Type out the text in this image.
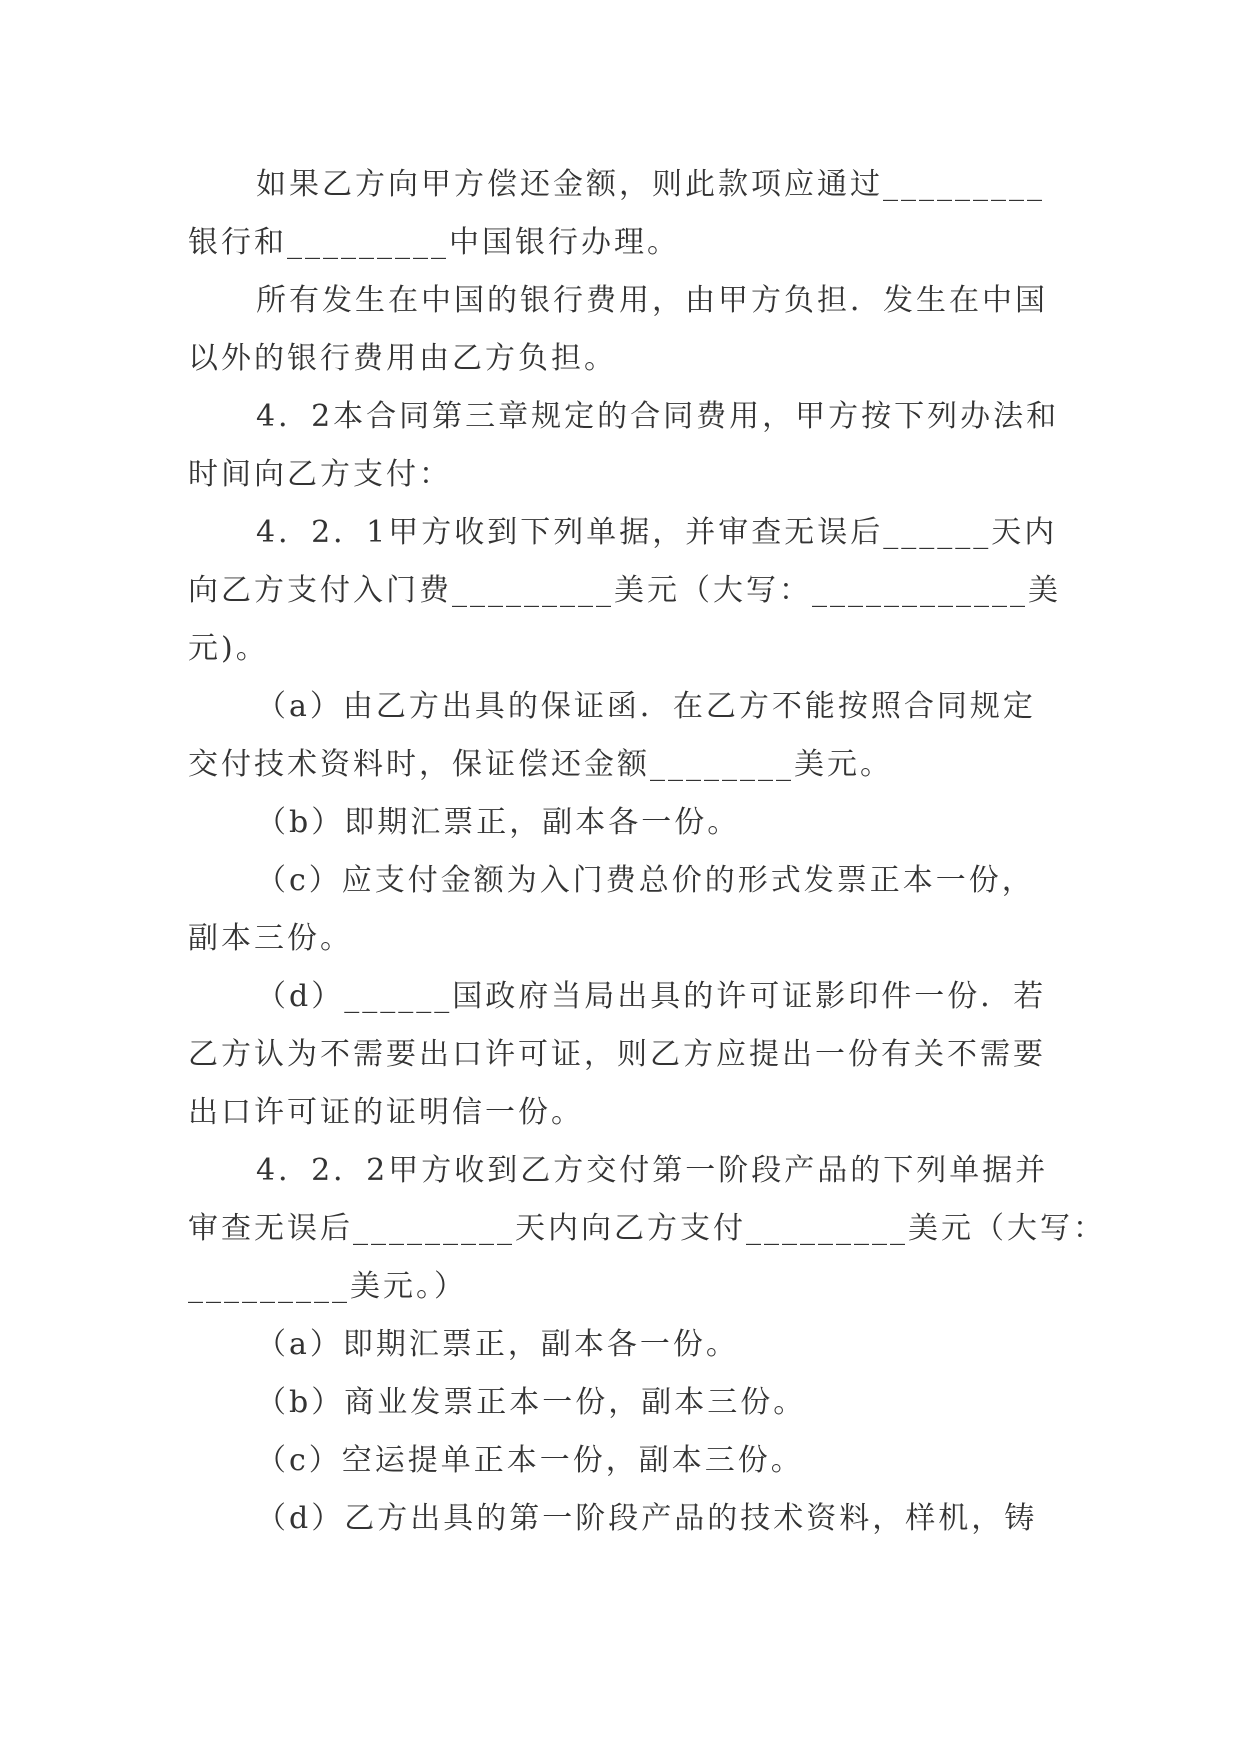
如果乙方向甲方偿还金额，则此款项应通过_________
银行和_________中国银行办理。
所有发生在中国的银行费用，由甲方负担．发生在中国
以外的银行费用由乙方负担。
4．2本合同第三章规定的合同费用，甲方按下列办法和
时间向乙方支付：
4．2．1甲方收到下列单据，并审查无误后______天内
向乙方支付入门费_________美元（大写：____________美
元)。
（a）由乙方出具的保证函．在乙方不能按照合同规定
交付技术资料时，保证偿还金额________美元。
（b）即期汇票正，副本各一份。
（c）应支付金额为入门费总价的形式发票正本一份，
副本三份。
（d）______国政府当局出具的许可证影印件一份．若
乙方认为不需要出口许可证，则乙方应提出一份有关不需要
出口许可证的证明信一份。
4．2．2甲方收到乙方交付第一阶段产品的下列单据并
审查无误后_________天内向乙方支付_________美元（大写：
_________美元。）
（a）即期汇票正，副本各一份。
（b）商业发票正本一份，副本三份。
（c）空运提单正本一份，副本三份。
（d）乙方出具的第一阶段产品的技术资料，样机，铸
